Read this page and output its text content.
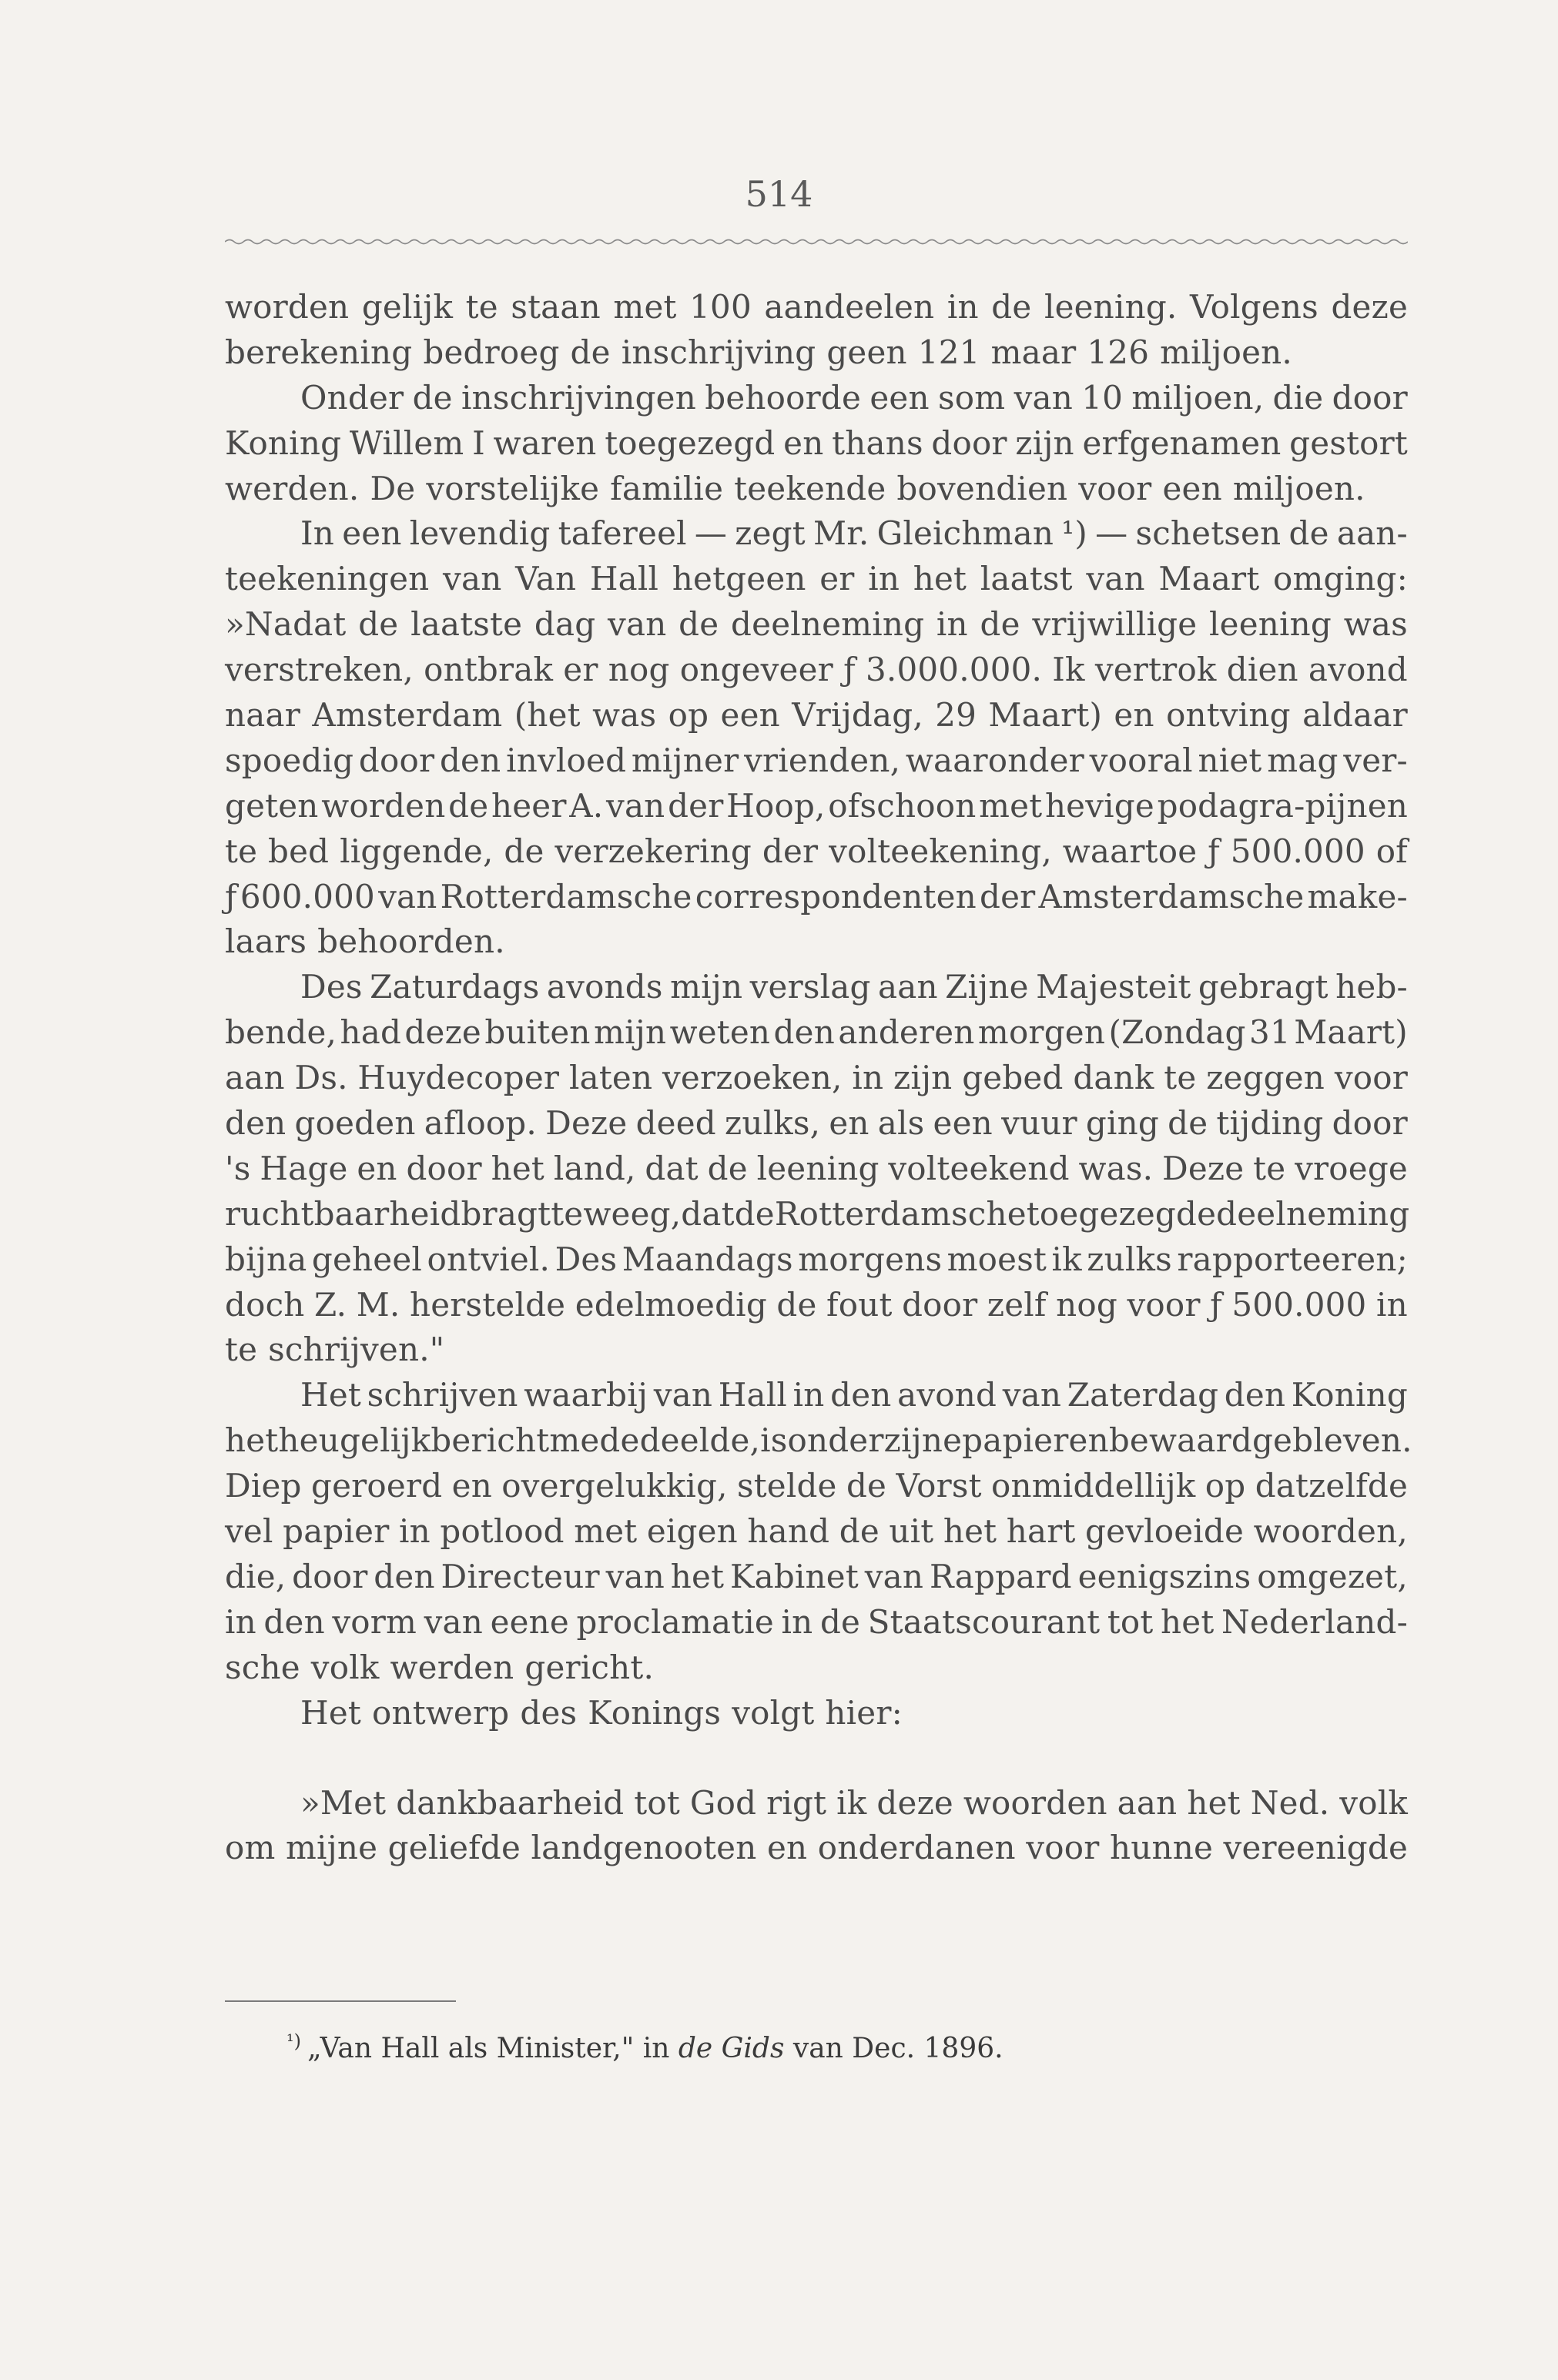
514
worden gelijk te staan met 100 aandeelen in de leening. Volgens deze
berekening bedroeg de inschrijving geen 121 maar 126 miljoen.
Onder de inschrijvingen behoorde een som van 10 miljoen, die door
Koning Willem I waren toegezegd en thans door zijn erfgenamen gestort
werden. De vorstelijke familie teekende bovendien voor een miljoen.
In een levendig tafereel — zegt Mr. Gleichman ¹) — schetsen de aan-
teekeningen van Van Hall hetgeen er in het laatst van Maart omging:
»Nadat de laatste dag van de deelneming in de vrijwillige leening was
verstreken, ontbrak er nog ongeveer ƒ 3.000.000. Ik vertrok dien avond
naar Amsterdam (het was op een Vrijdag, 29 Maart) en ontving aldaar
spoedig door den invloed mijner vrienden, waaronder vooral niet mag ver-
geten worden de heer A. van der Hoop, ofschoon met hevige podagra-pijnen
te bed liggende, de verzekering der volteekening, waartoe ƒ 500.000 of
ƒ 600.000 van Rotterdamsche correspondenten der Amsterdamsche make-
laars behoorden.
Des Zaturdags avonds mijn verslag aan Zijne Majesteit gebragt heb-
bende, had deze buiten mijn weten den anderen morgen (Zondag 31 Maart)
aan Ds. Huydecoper laten verzoeken, in zijn gebed dank te zeggen voor
den goeden afloop. Deze deed zulks, en als een vuur ging de tijding door
's Hage en door het land, dat de leening volteekend was. Deze te vroege
ruchtbaarheid bragt te weeg, dat de Rotterdamsche toegezegde deelneming
bijna geheel ontviel. Des Maandags morgens moest ik zulks rapporteeren;
doch Z. M. herstelde edelmoedig de fout door zelf nog voor ƒ 500.000 in
te schrijven."
Het schrijven waarbij van Hall in den avond van Zaterdag den Koning
het heugelijk bericht mededeelde, is onder zijne papieren bewaard gebleven.
Diep geroerd en overgelukkig, stelde de Vorst onmiddellijk op datzelfde
vel papier in potlood met eigen hand de uit het hart gevloeide woorden,
die, door den Directeur van het Kabinet van Rappard eenigszins omgezet,
in den vorm van eene proclamatie in de Staatscourant tot het Nederland-
sche volk werden gericht.
Het ontwerp des Konings volgt hier:
»Met dankbaarheid tot God rigt ik deze woorden aan het Ned. volk
om mijne geliefde landgenooten en onderdanen voor hunne vereenigde
$^{^1)}$ „Van Hall als Minister," in de Gids van Dec. 1896.
